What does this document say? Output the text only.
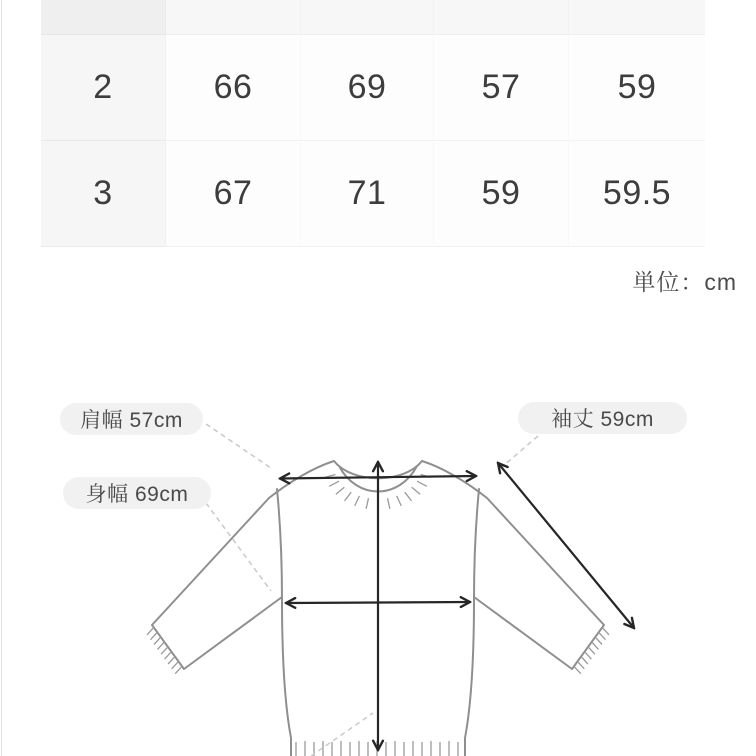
2	66	69	57	59
3	67	71	59	59.5
単位：cm
肩幅 57cm
身幅 69cm
袖丈 59cm
